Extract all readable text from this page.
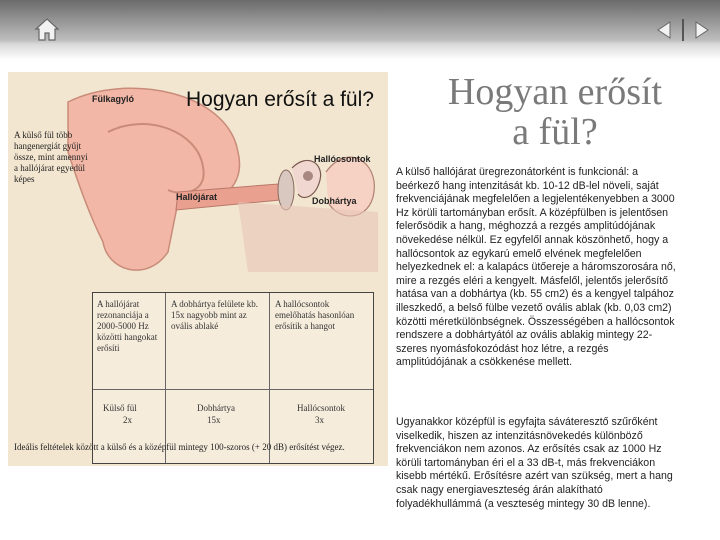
Hogyan erősít a fül?
Fülkagyló
Hallójárat	Dobhártya
Hallócsontok
A külső fül több hangenergiát gyűjt össze, mint amennyi a hallójárat egyedül képes
A hallójárat rezonanciája a 2000-5000 Hz közötti hangokat erősíti
A dobhártya felülete kb. 15x nagyobb mint az ovális ablaké
A hallócsontok emelőhatás hasonlóan erősítik a hangot
Külső fül
2x
Dobhártya
15x
Hallócsontok
3x
Ideális feltételek között a külső és a középfül mintegy 100-szoros (+ 20 dB) erősítést végez.
Hogyan erősít
a fül?
A külső hallójárat üregrezonátorként is funkcionál: a beérkező hang intenzitását kb. 10-12 dB-lel növeli, saját frekvenciájának megfelelően a legjelentékenyebben a 3000 Hz körüli tartományban erősít. A középfülben is jelentősen felerősödik a hang, méghozzá a rezgés amplitúdójának növekedése nélkül. Ez egyfelől annak köszönhető, hogy a hallócsontok az egykarú emelő elvének megfelelően helyezkednek el: a kalapács ütőereje a háromszorosára nő, mire a rezgés eléri a kengyelt. Másfelől, jelentős jelerősítő hatása van a dobhártya (kb. 55 cm2) és a kengyel talpához illeszkedő, a belső fülbe vezető ovális ablak (kb. 0,03 cm2) közötti méretkülönbségnek. Összességében a hallócsontok rendszere a dobhártyától az ovális ablakig mintegy 22-szeres nyomásfokozódást hoz létre, a rezgés amplitúdójának a csökkenése mellett.
Ugyanakkor középfül is egyfajta sáváteresztő szűrőként viselkedik, hiszen az intenzitásnövekedés különböző frekvenciákon nem azonos. Az erősítés csak az 1000 Hz körüli tartományban éri el a 33 dB-t, más frekvenciákon kisebb mértékű. Erősítésre azért van szükség, mert a hang csak nagy energiaveszteség árán alakítható folyadékhullámmá (a veszteség mintegy 30 dB lenne).
